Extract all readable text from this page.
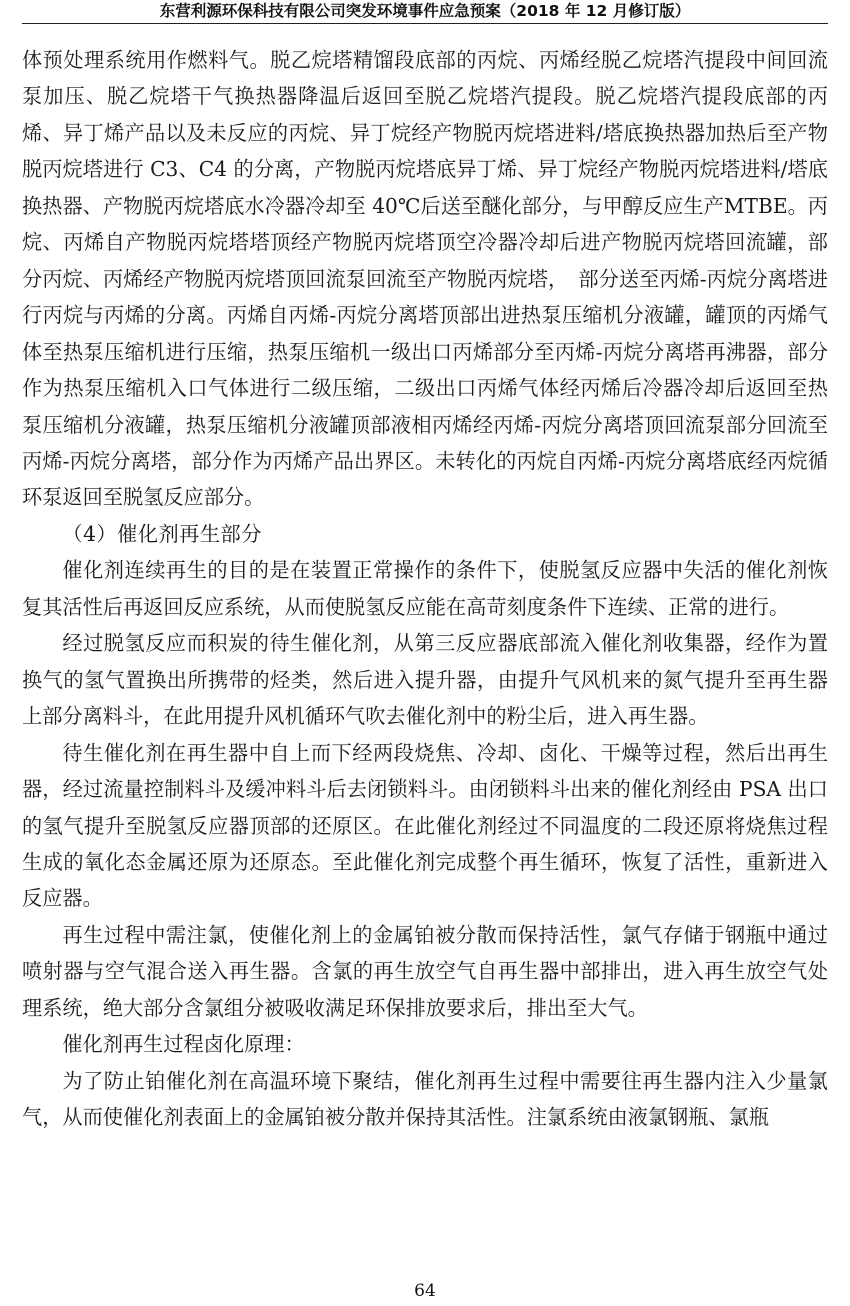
东营利源环保科技有限公司突发环境事件应急预案（2018 年 12 月修订版）

体预处理系统用作燃料气。脱乙烷塔精馏段底部的丙烷、丙烯经脱乙烷塔汽提段中间回流泵加压、脱乙烷塔干气换热器降温后返回至脱乙烷塔汽提段。脱乙烷塔汽提段底部的丙烯、异丁烯产品以及未反应的丙烷、异丁烷经产物脱丙烷塔进料/塔底换热器加热后至产物脱丙烷塔进行 C3、C4 的分离，产物脱丙烷塔底异丁烯、异丁烷经产物脱丙烷塔进料/塔底换热器、产物脱丙烷塔底水冷器冷却至 40℃后送至醚化部分，与甲醇反应生产MTBE。丙烷、丙烯自产物脱丙烷塔塔顶经产物脱丙烷塔顶空冷器冷却后进产物脱丙烷塔回流罐，部分丙烷、丙烯经产物脱丙烷塔顶回流泵回流至产物脱丙烷塔，　部分送至丙烯-丙烷分离塔进行丙烷与丙烯的分离。丙烯自丙烯-丙烷分离塔顶部出进热泵压缩机分液罐，罐顶的丙烯气体至热泵压缩机进行压缩，热泵压缩机一级出口丙烯部分至丙烯-丙烷分离塔再沸器，部分作为热泵压缩机入口气体进行二级压缩，二级出口丙烯气体经丙烯后冷器冷却后返回至热泵压缩机分液罐，热泵压缩机分液罐顶部液相丙烯经丙烯-丙烷分离塔顶回流泵部分回流至丙烯-丙烷分离塔，部分作为丙烯产品出界区。未转化的丙烷自丙烯-丙烷分离塔底经丙烷循环泵返回至脱氢反应部分。

（4）催化剂再生部分

催化剂连续再生的目的是在装置正常操作的条件下，使脱氢反应器中失活的催化剂恢复其活性后再返回反应系统，从而使脱氢反应能在高苛刻度条件下连续、正常的进行。

经过脱氢反应而积炭的待生催化剂，从第三反应器底部流入催化剂收集器，经作为置换气的氢气置换出所携带的烃类，然后进入提升器，由提升气风机来的氮气提升至再生器上部分离料斗，在此用提升风机循环气吹去催化剂中的粉尘后，进入再生器。

待生催化剂在再生器中自上而下经两段烧焦、冷却、卤化、干燥等过程，然后出再生器，经过流量控制料斗及缓冲料斗后去闭锁料斗。由闭锁料斗出来的催化剂经由 PSA 出口的氢气提升至脱氢反应器顶部的还原区。在此催化剂经过不同温度的二段还原将烧焦过程生成的氧化态金属还原为还原态。至此催化剂完成整个再生循环，恢复了活性，重新进入反应器。

再生过程中需注氯，使催化剂上的金属铂被分散而保持活性，氯气存储于钢瓶中通过喷射器与空气混合送入再生器。含氯的再生放空气自再生器中部排出，进入再生放空气处理系统，绝大部分含氯组分被吸收满足环保排放要求后，排出至大气。

催化剂再生过程卤化原理：

为了防止铂催化剂在高温环境下聚结，催化剂再生过程中需要往再生器内注入少量氯气，从而使催化剂表面上的金属铂被分散并保持其活性。注氯系统由液氯钢瓶、氯瓶

64
